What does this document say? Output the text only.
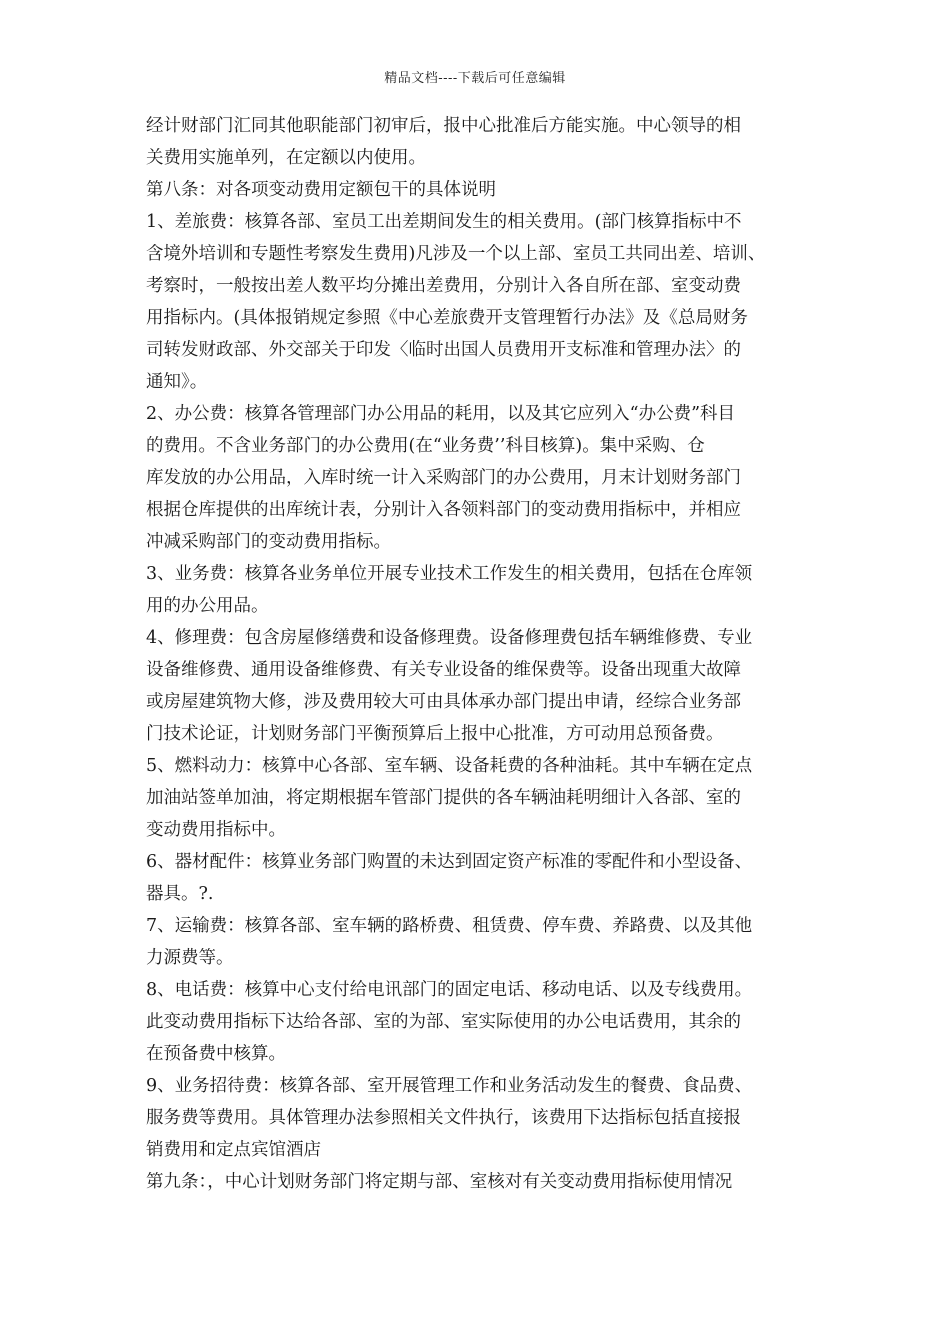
精品文档----下载后可任意编辑
经计财部门汇同其他职能部门初审后，报中心批准后方能实施。中心领导的相
关费用实施单列，在定额以内使用。
第八条：对各项变动费用定额包干的具体说明
1、差旅费：核算各部、室员工出差期间发生的相关费用。(部门核算指标中不
含境外培训和专题性考察发生费用)凡涉及一个以上部、室员工共同出差、培训、
考察时，一般按出差人数平均分摊出差费用，分别计入各自所在部、室变动费
用指标内。(具体报销规定参照《中心差旅费开支管理暂行办法》及《总局财务
司转发财政部、外交部关于印发〈临时出国人员费用开支标准和管理办法〉的
通知》。
2、办公费：核算各管理部门办公用品的耗用，以及其它应列入“办公费”科目
的费用。不含业务部门的办公费用(在“业务费’’科目核算)。集中采购、仓
库发放的办公用品，入库时统一计入采购部门的办公费用，月末计划财务部门
根据仓库提供的出库统计表，分别计入各领料部门的变动费用指标中，并相应
冲减采购部门的变动费用指标。
3、业务费：核算各业务单位开展专业技术工作发生的相关费用，包括在仓库领
用的办公用品。
4、修理费：包含房屋修缮费和设备修理费。设备修理费包括车辆维修费、专业
设备维修费、通用设备维修费、有关专业设备的维保费等。设备出现重大故障
或房屋建筑物大修，涉及费用较大可由具体承办部门提出申请，经综合业务部
门技术论证，计划财务部门平衡预算后上报中心批准，方可动用总预备费。
5、燃料动力：核算中心各部、室车辆、设备耗费的各种油耗。其中车辆在定点
加油站签单加油，将定期根据车管部门提供的各车辆油耗明细计入各部、室的
变动费用指标中。
6、器材配件：核算业务部门购置的未达到固定资产标准的零配件和小型设备、
器具。?.
7、运输费：核算各部、室车辆的路桥费、租赁费、停车费、养路费、以及其他
力源费等。
8、电话费：核算中心支付给电讯部门的固定电话、移动电话、以及专线费用。
此变动费用指标下达给各部、室的为部、室实际使用的办公电话费用，其余的
在预备费中核算。
9、业务招待费：核算各部、室开展管理工作和业务活动发生的餐费、食品费、
服务费等费用。具体管理办法参照相关文件执行，该费用下达指标包括直接报
销费用和定点宾馆酒店
第九条：，中心计划财务部门将定期与部、室核对有关变动费用指标使用情况
